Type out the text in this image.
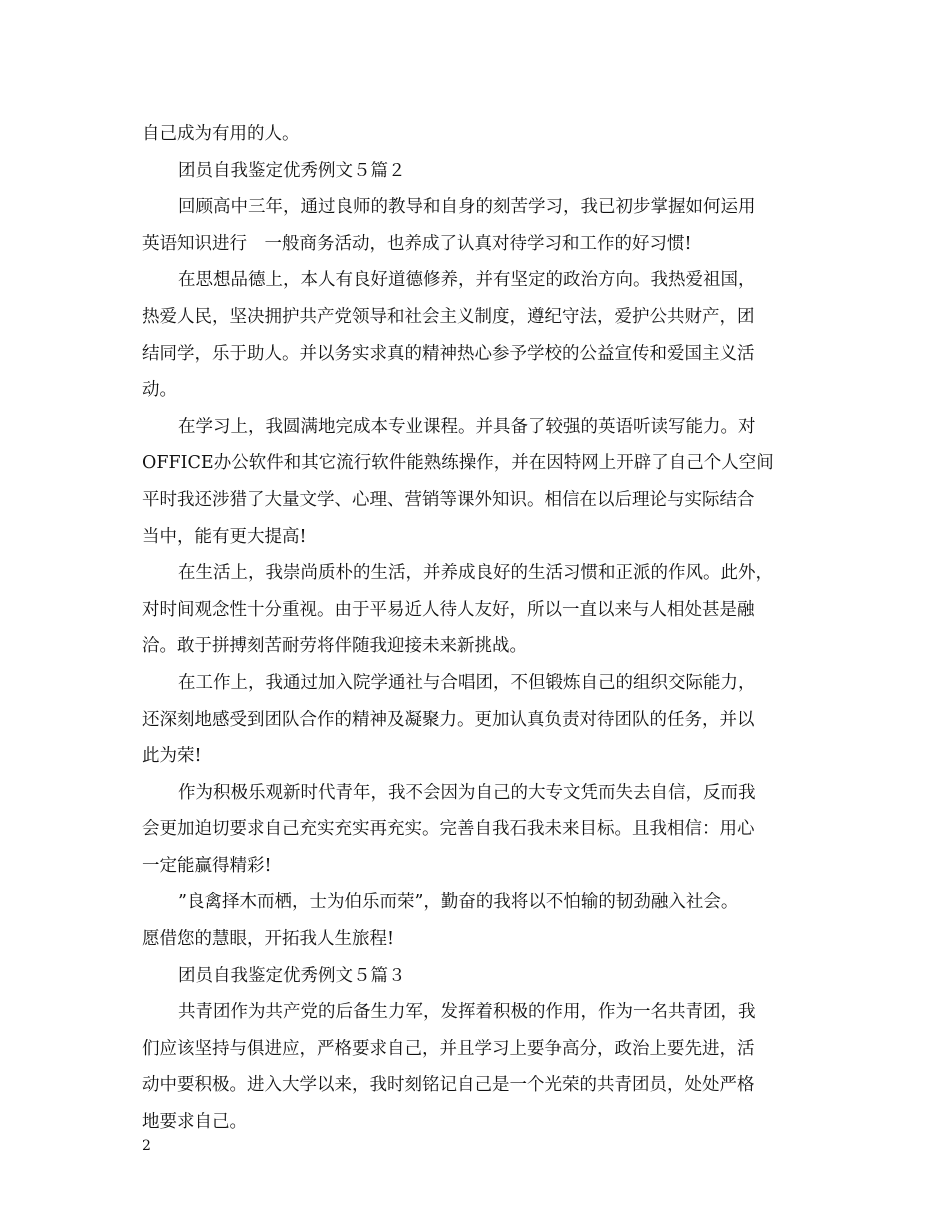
自己成为有用的人。
团员自我鉴定优秀例文５篇２
回顾高中三年，通过良师的教导和自身的刻苦学习，我已初步掌握如何运用
英语知识进行　一般商务活动，也养成了认真对待学习和工作的好习惯!
在思想品德上，本人有良好道德修养，并有坚定的政治方向。我热爱祖国，
热爱人民，坚决拥护共产党领导和社会主义制度，遵纪守法，爱护公共财产，团
结同学，乐于助人。并以务实求真的精神热心参予学校的公益宣传和爱国主义活
动。
在学习上，我圆满地完成本专业课程。并具备了较强的英语听读写能力。对
OFFICE办公软件和其它流行软件能熟练操作，并在因特网上开辟了自己个人空间
平时我还涉猎了大量文学、心理、营销等课外知识。相信在以后理论与实际结合
当中，能有更大提高!
在生活上，我崇尚质朴的生活，并养成良好的生活习惯和正派的作风。此外，
对时间观念性十分重视。由于平易近人待人友好，所以一直以来与人相处甚是融
洽。敢于拼搏刻苦耐劳将伴随我迎接未来新挑战。
在工作上，我通过加入院学通社与合唱团，不但锻炼自己的组织交际能力，
还深刻地感受到团队合作的精神及凝聚力。更加认真负责对待团队的任务，并以
此为荣!
作为积极乐观新时代青年，我不会因为自己的大专文凭而失去自信，反而我
会更加迫切要求自己充实充实再充实。完善自我石我未来目标。且我相信：用心
一定能赢得精彩!
”良禽择木而栖，士为伯乐而荣”，勤奋的我将以不怕输的韧劲融入社会。
愿借您的慧眼，开拓我人生旅程!
团员自我鉴定优秀例文５篇３
共青团作为共产党的后备生力军，发挥着积极的作用，作为一名共青团，我
们应该坚持与俱进应，严格要求自己，并且学习上要争高分，政治上要先进，活
动中要积极。进入大学以来，我时刻铭记自己是一个光荣的共青团员，处处严格
地要求自己。
2
